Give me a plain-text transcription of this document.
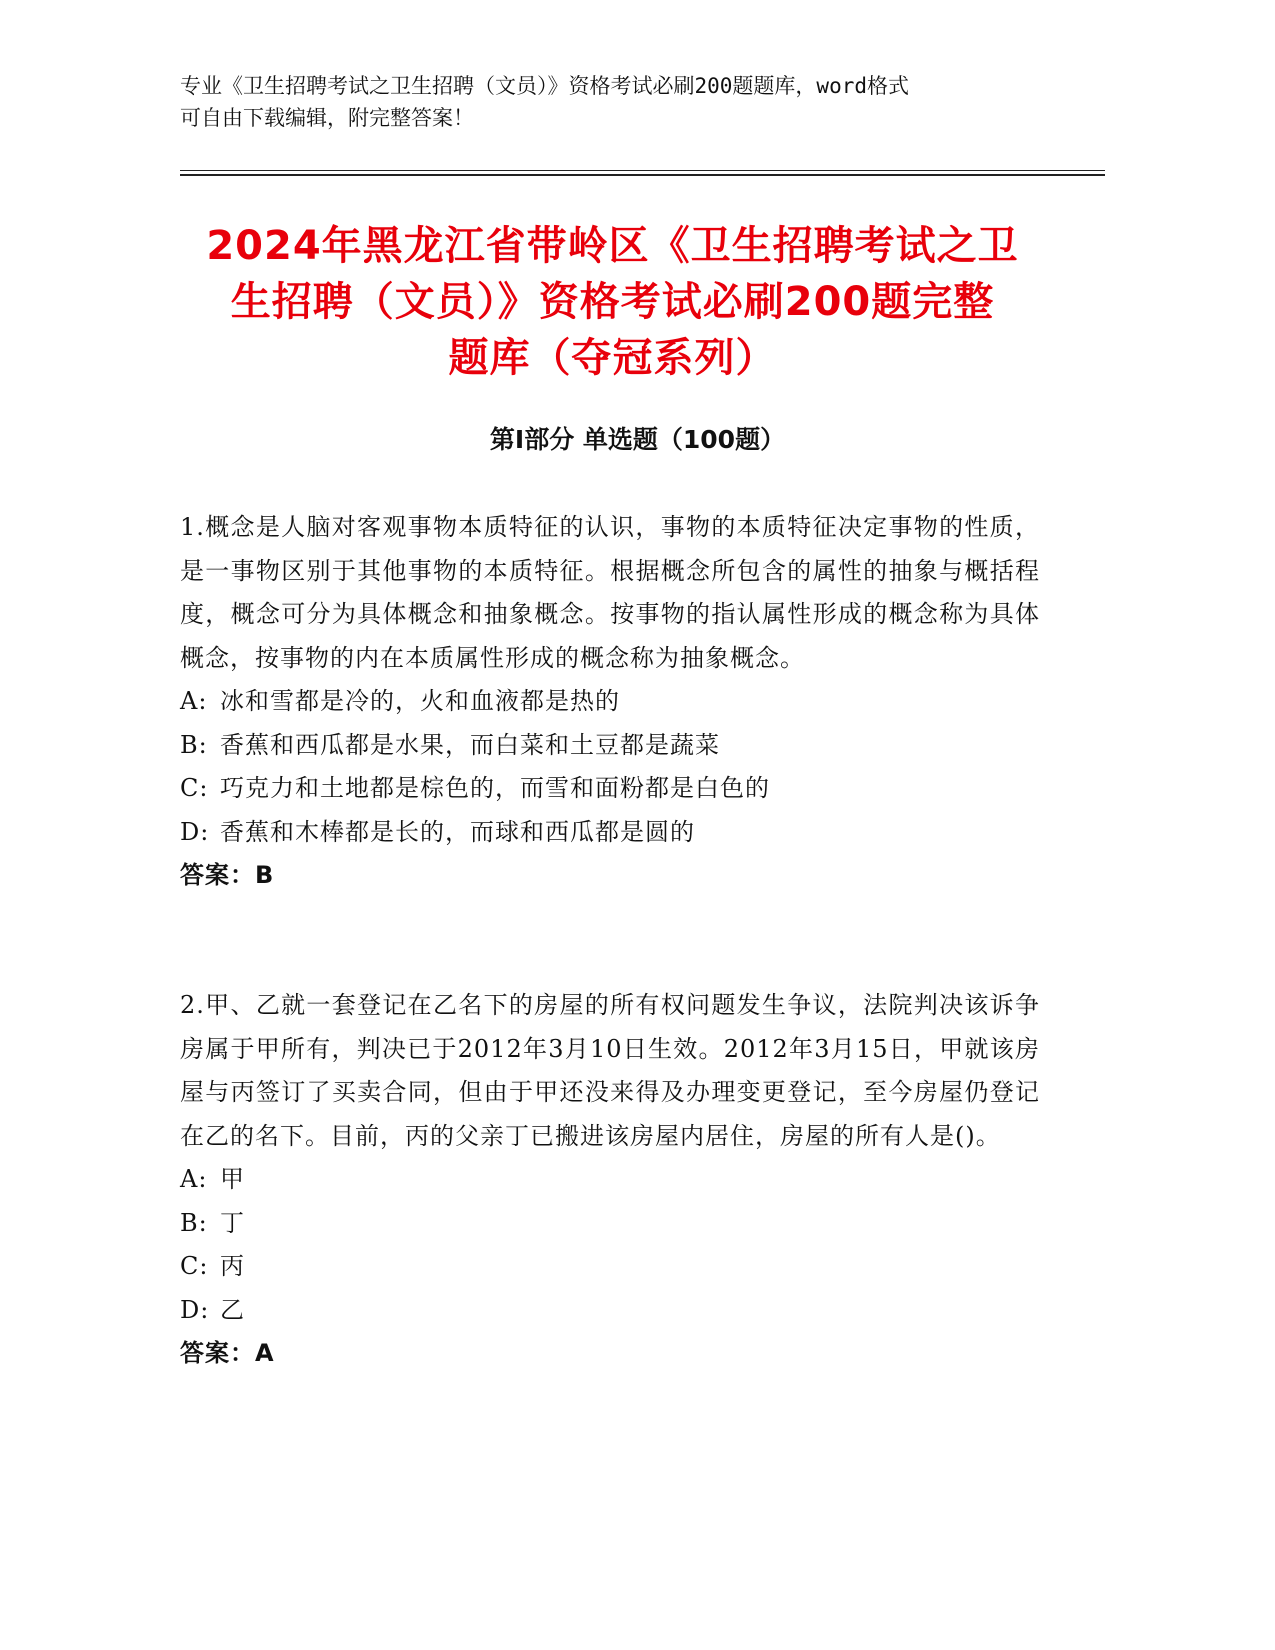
专业《卫生招聘考试之卫生招聘（文员）》资格考试必刷200题题库，word格式
可自由下载编辑，附完整答案！
2024年黑龙江省带岭区《卫生招聘考试之卫
生招聘（文员）》资格考试必刷200题完整
题库（夺冠系列）
第Ⅰ部分 单选题（100题）

1.概念是人脑对客观事物本质特征的认识，事物的本质特征决定事物的性质，是一事物区别于其他事物的本质特征。根据概念所包含的属性的抽象与概括程度，概念可分为具体概念和抽象概念。按事物的指认属性形成的概念称为具体概念，按事物的内在本质属性形成的概念称为抽象概念。

A: 冰和雪都是冷的，火和血液都是热的
B: 香蕉和西瓜都是水果，而白菜和土豆都是蔬菜
C: 巧克力和土地都是棕色的，而雪和面粉都是白色的
D: 香蕉和木棒都是长的，而球和西瓜都是圆的

答案：B

2.甲、乙就一套登记在乙名下的房屋的所有权问题发生争议，法院判决该诉争房属于甲所有，判决已于2012年3月10日生效。2012年3月15日，甲就该房屋与丙签订了买卖合同，但由于甲还没来得及办理变更登记，至今房屋仍登记在乙的名下。目前，丙的父亲丁已搬进该房屋内居住，房屋的所有人是()。

A: 甲
B: 丁
C: 丙
D: 乙

答案：A
